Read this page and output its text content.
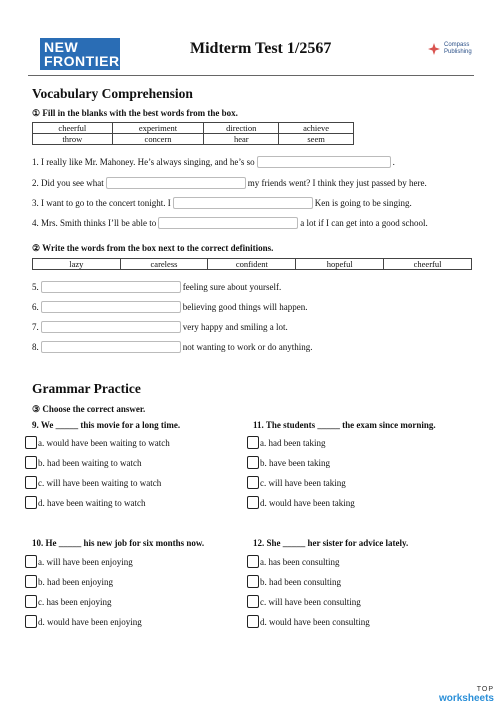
NEW
FRONTIERS
Midterm Test 1/2567	Compass
Publishing
Vocabulary Comprehension
① Fill in the blanks with the best words from the box.
cheerful	experiment	direction	achieve
throw	concern	hear	seem
1. I really like Mr. Mahoney. He’s always singing, and he’s so	.
2. Did you see what	my friends went? I think they just passed by here.
3. I want to go to the concert tonight. I	Ken is going to be singing.
4. Mrs. Smith thinks I’ll be able to	a lot if I can get into a good school.
② Write the words from the box next to the correct definitions.
lazy	careless	confident	hopeful	cheerful
5.	feeling sure about yourself.
6.	believing good things will happen.
7.	very happy and smiling a lot.
8.	not wanting to work or do anything.
Grammar Practice
③ Choose the correct answer.
9. We _____ this movie for a long time.
a. would have been waiting to watch
b. had been waiting to watch
c. will have been waiting to watch
d. have been waiting to watch
11. The students _____ the exam since morning.
a. had been taking
b. have been taking
c. will have been taking
d. would have been taking
10. He _____ his new job for six months now.
a. will have been enjoying
b. had been enjoying
c. has been enjoying
d. would have been enjoying
12. She _____ her sister for advice lately.
a. has been consulting
b. had been consulting
c. will have been consulting
d. would have been consulting
TOP
worksheets
